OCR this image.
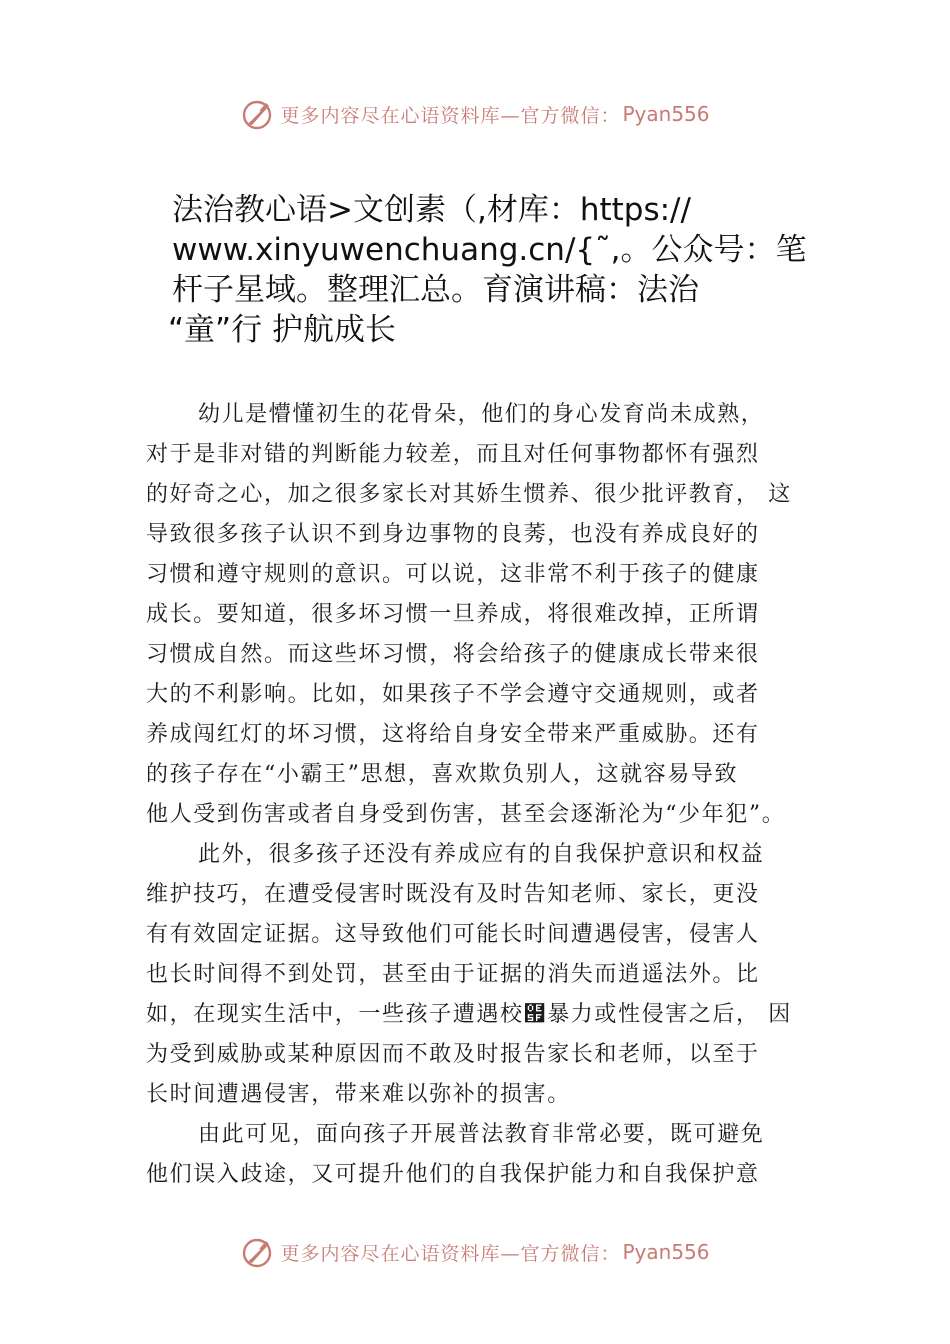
更多内容尽在心语资料库—官方微信： Pyan556
法治教心语>文创素（,材库：https://
www.xinyuwenchuang.cn/{˜,。公众号：笔
杆子星域。整理汇总。育演讲稿：法治
“童”行 护航成长
幼儿是懵懂初生的花骨朵，他们的身心发育尚未成熟，
对于是非对错的判断能力较差，而且对任何事物都怀有强烈
的好奇之心，加之很多家长对其娇生惯养、很少批评教育， 这
导致很多孩子认识不到身边事物的良莠，也没有养成良好的
习惯和遵守规则的意识。可以说，这非常不利于孩子的健康
成长。要知道，很多坏习惯一旦养成，将很难改掉，正所谓
习惯成自然。而这些坏习惯，将会给孩子的健康成长带来很
大的不利影响。比如，如果孩子不学会遵守交通规则，或者
养成闯红灯的坏习惯，这将给自身安全带来严重威胁。还有
的孩子存在“小霸王”思想，喜欢欺负别人，这就容易导致
他人受到伤害或者自身受到伤害，甚至会逐渐沦为“少年犯”。
此外，很多孩子还没有养成应有的自我保护意识和权益
维护技巧，在遭受侵害时既没有及时告知老师、家长，更没
有有效固定证据。这导致他们可能长时间遭遇侵害，侵害人
也长时间得不到处罚，甚至由于证据的消失而逍遥法外。比
如，在现实生活中，一些孩子遭遇校๟暴力或性侵害之后， 因
为受到威胁或某种原因而不敢及时报告家长和老师，以至于
长时间遭遇侵害，带来难以弥补的损害。
由此可见，面向孩子开展普法教育非常必要，既可避免
他们误入歧途，又可提升他们的自我保护能力和自我保护意
更多内容尽在心语资料库—官方微信： Pyan556
